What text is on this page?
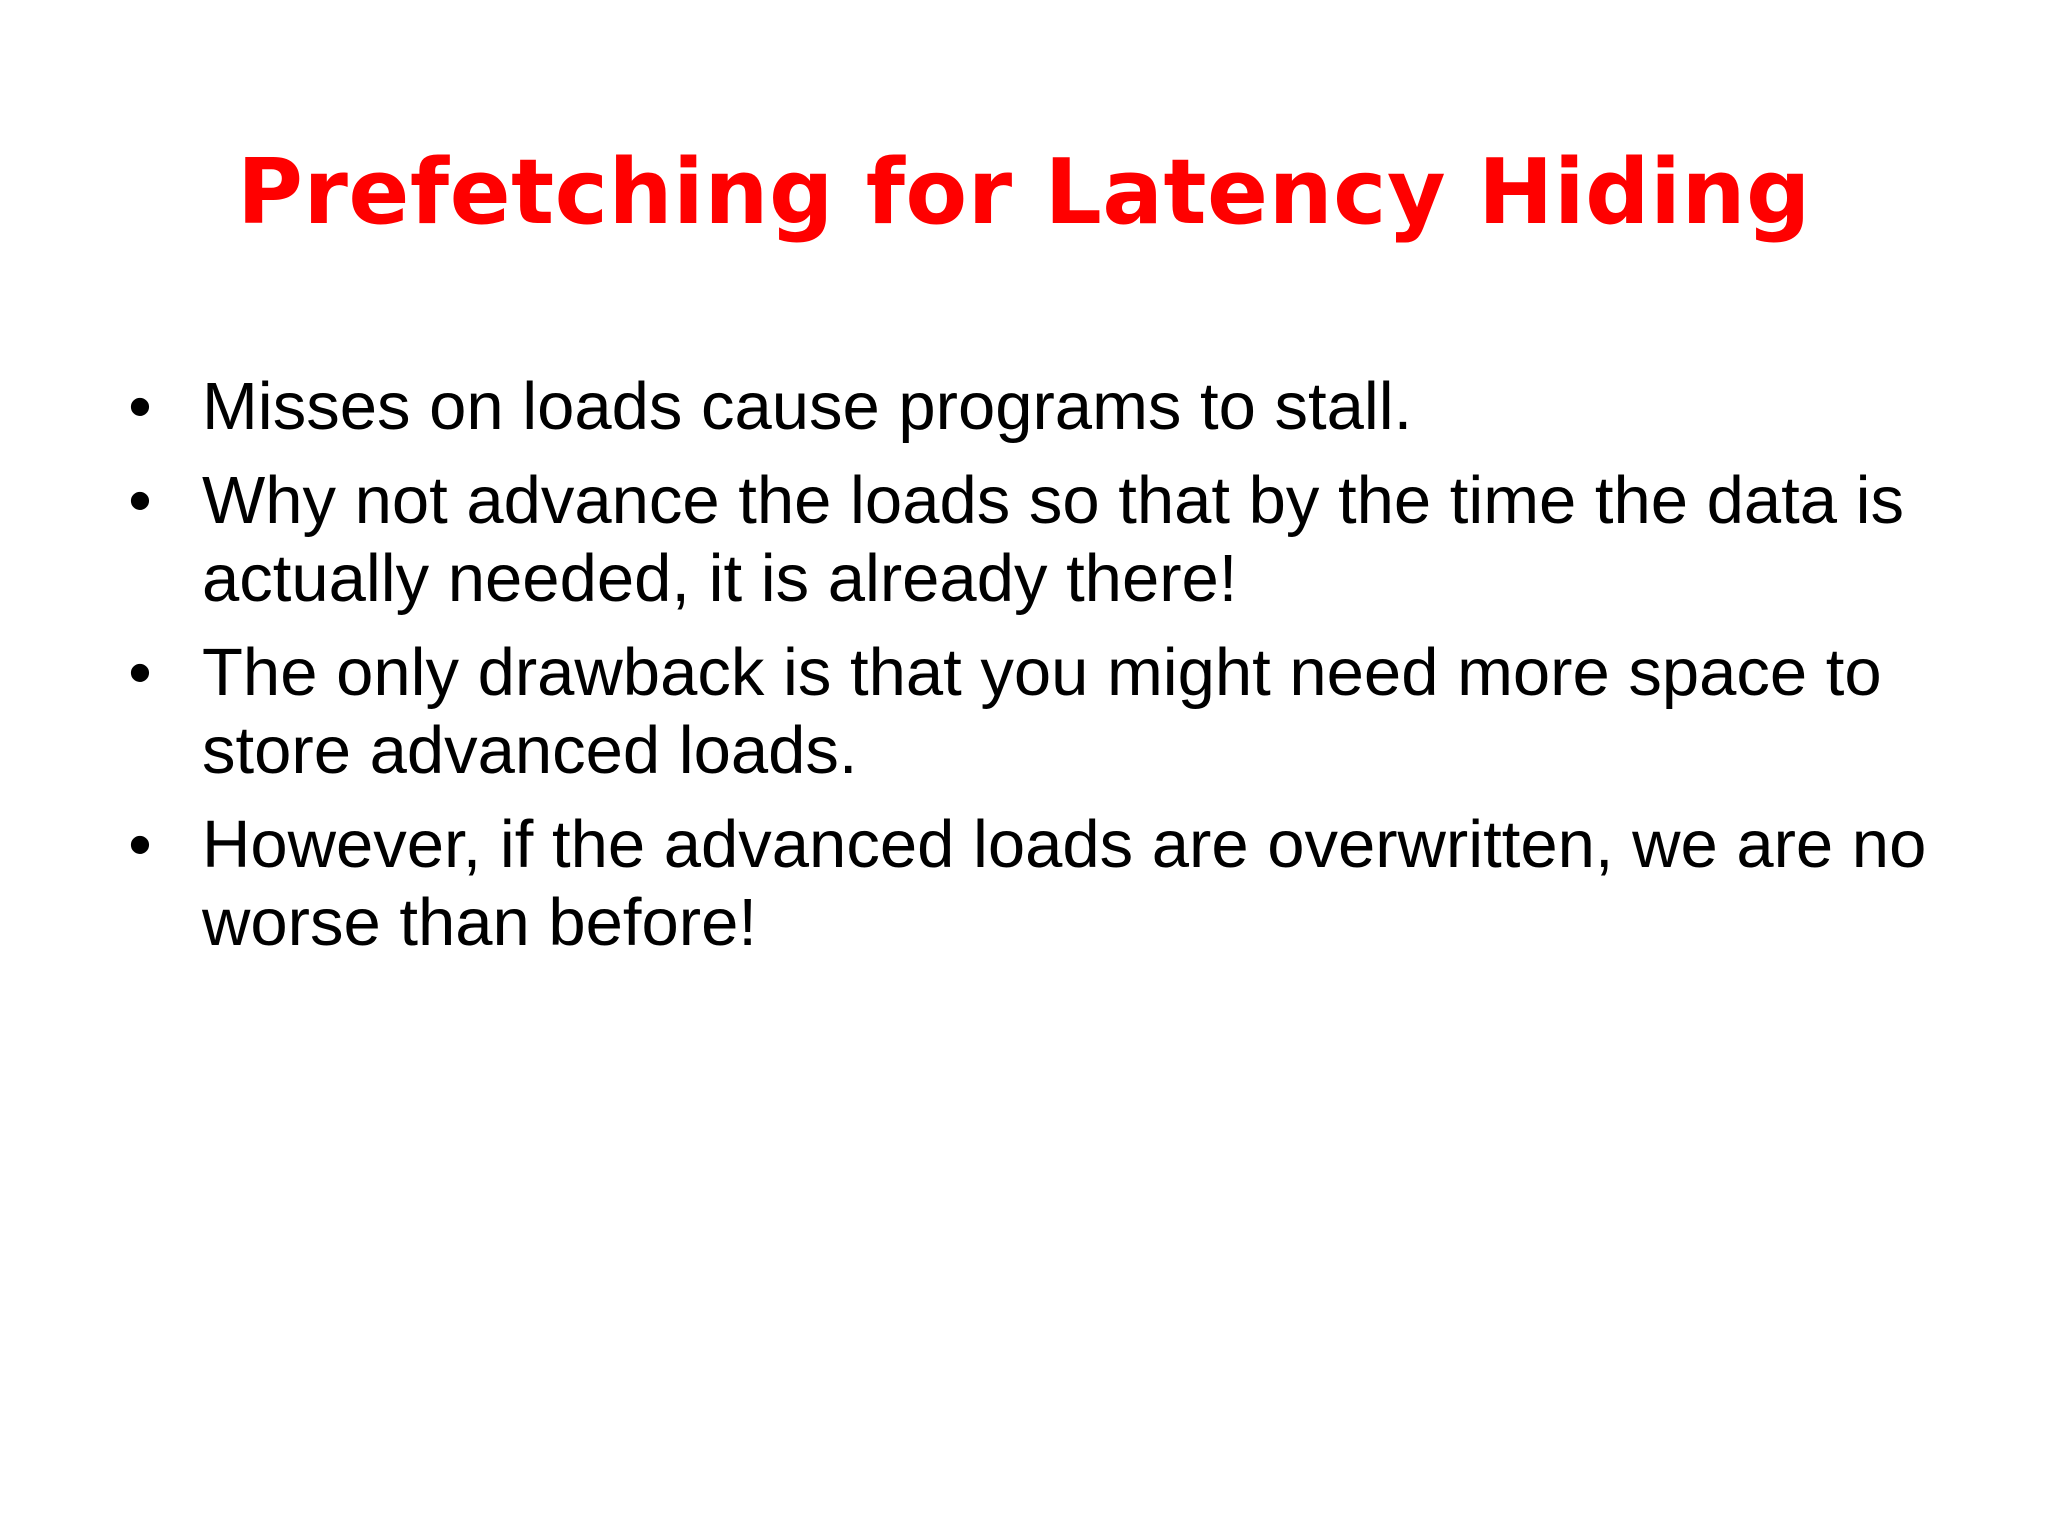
Prefetching for Latency Hiding
• Misses on loads cause programs to stall.
• Why not advance the loads so that by the time the data is actually needed, it is already there!
• The only drawback is that you might need more space to store advanced loads.
• However, if the advanced loads are overwritten, we are no worse than before!
